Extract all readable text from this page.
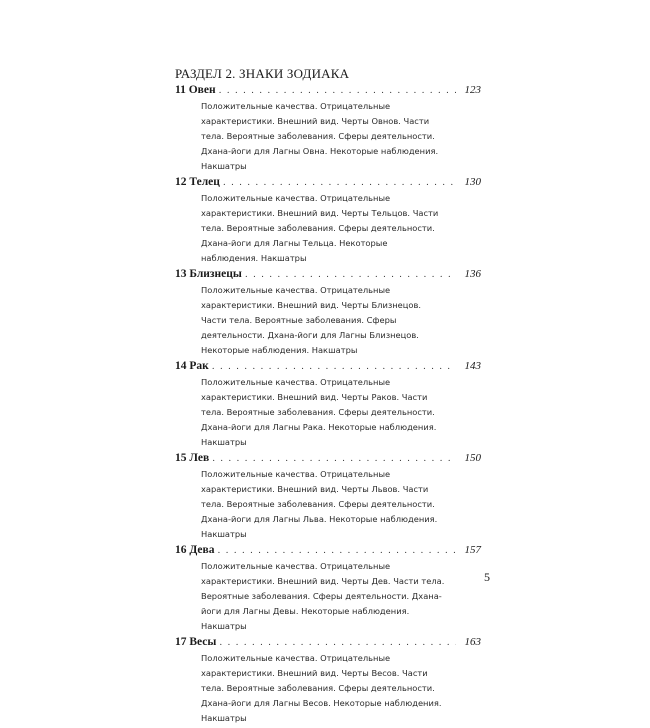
РАЗДЕЛ 2. ЗНАКИ ЗОДИАКА
11 Овен . . .	123
Положительные качества. Отрицательные характеристики. Внешний вид. Черты Овнов. Части тела. Вероятные заболевания. Сферы деятельности. Дхана-йоги для Лагны Овна. Некоторые наблюдения. Накшатры
12 Телец . . .	130
Положительные качества. Отрицательные характеристики. Внешний вид. Черты Тельцов. Части тела. Вероятные заболевания. Сферы деятельности. Дхана-йоги для Лагны Тельца. Некоторые наблюдения. Накшатры
13 Близнецы . . .	136
Положительные качества. Отрицательные характеристики. Внешний вид. Черты Близнецов. Части тела. Вероятные заболевания. Сферы деятельности. Дхана-йоги для Лагны Близнецов. Некоторые наблюдения. Накшатры
14 Рак . . .	143
Положительные качества. Отрицательные характеристики. Внешний вид. Черты Раков. Части тела. Вероятные заболевания. Сферы деятельности. Дхана-йоги для Лагны Рака. Некоторые наблюдения. Накшатры
15 Лев . . .	150
Положительные качества. Отрицательные характеристики. Внешний вид. Черты Львов. Части тела. Вероятные заболевания. Сферы деятельности. Дхана-йоги для Лагны Льва. Некоторые наблюдения. Накшатры
16 Дева . . .	157
Положительные качества. Отрицательные характеристики. Внешний вид. Черты Дев. Части тела. Вероятные заболевания. Сферы деятельности. Дхана-йоги для Лагны Девы. Некоторые наблюдения. Накшатры
17 Весы . . .	163
Положительные качества. Отрицательные характеристики. Внешний вид. Черты Весов. Части тела. Вероятные заболевания. Сферы деятельности. Дхана-йоги для Лагны Весов. Некоторые наблюдения. Накшатры
5
